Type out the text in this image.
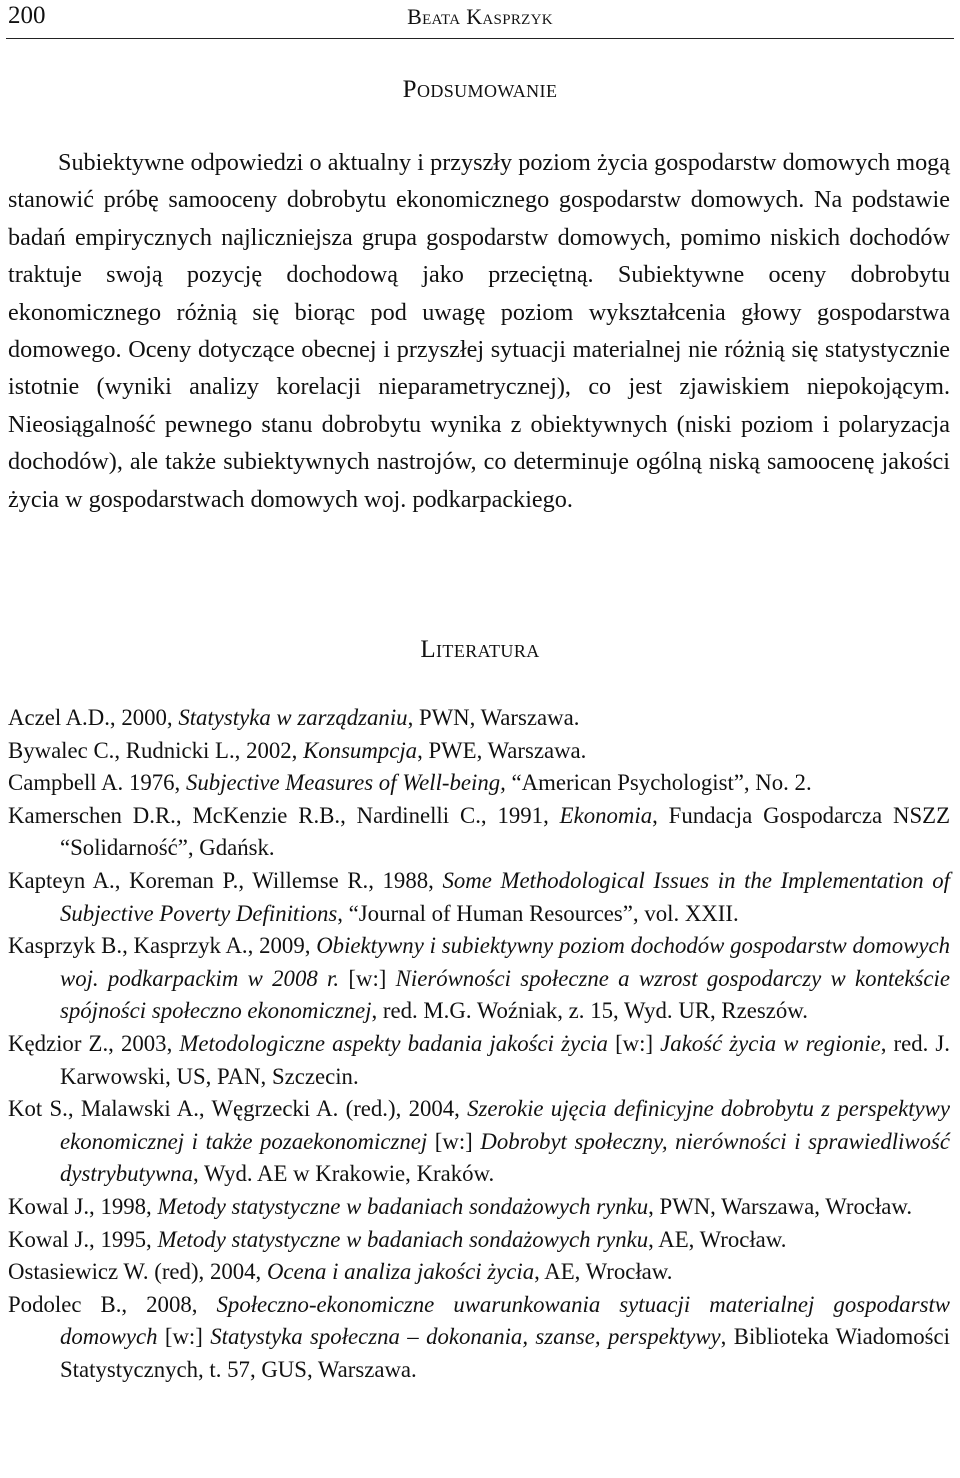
200	Beata Kasprzyk
Podsumowanie

Subiektywne odpowiedzi o aktualny i przyszły poziom życia gospodarstw domowych mogą stanowić próbę samooceny dobrobytu ekonomicznego gospodarstw domowych. Na podstawie badań empirycznych najliczniejsza grupa gospodarstw domowych, pomimo niskich dochodów traktuje swoją pozycję dochodową jako przeciętną. Subiektywne oceny dobrobytu ekonomicznego różnią się biorąc pod uwagę poziom wykształcenia głowy gospodarstwa domowego. Oceny dotyczące obecnej i przyszłej sytuacji materialnej nie różnią się statystycznie istotnie (wyniki analizy korelacji nieparametrycznej), co jest zjawiskiem niepokojącym. Nieosiągalność pewnego stanu dobrobytu wynika z obiektywnych (niski poziom i polaryzacja dochodów), ale także subiektywnych nastrojów, co determinuje ogólną niską samoocenę jakości życia w gospodarstwach domowych woj. podkarpackiego.

Literatura
Aczel A.D., 2000, Statystyka w zarządzaniu, PWN, Warszawa.
Bywalec C., Rudnicki L., 2002, Konsumpcja, PWE, Warszawa.
Campbell A. 1976, Subjective Measures of Well-being, “American Psychologist”, No. 2.
Kamerschen D.R., McKenzie R.B., Nardinelli C., 1991, Ekonomia, Fundacja Gospodarcza NSZZ “Solidarność”, Gdańsk.
Kapteyn A., Koreman P., Willemse R., 1988, Some Methodological Issues in the Implementation of Subjective Poverty Definitions, “Journal of Human Resources”, vol. XXII.
Kasprzyk B., Kasprzyk A., 2009, Obiektywny i subiektywny poziom dochodów gospodarstw domowych woj. podkarpackim w 2008 r. [w:] Nierówności społeczne a wzrost gospodarczy w kontekście spójności społeczno ekonomicznej, red. M.G. Woźniak, z. 15, Wyd. UR, Rzeszów.
Kędzior Z., 2003, Metodologiczne aspekty badania jakości życia [w:] Jakość życia w regionie, red. J. Karwowski, US, PAN, Szczecin.
Kot S., Malawski A., Węgrzecki A. (red.), 2004, Szerokie ujęcia definicyjne dobrobytu z perspektywy ekonomicznej i także pozaekonomicznej [w:] Dobrobyt społeczny, nierówności i sprawiedliwość dystrybutywna, Wyd. AE w Krakowie, Kraków.
Kowal J., 1998, Metody statystyczne w badaniach sondażowych rynku, PWN, Warszawa, Wrocław.
Kowal J., 1995, Metody statystyczne w badaniach sondażowych rynku, AE, Wrocław.
Ostasiewicz W. (red), 2004, Ocena i analiza jakości życia, AE, Wrocław.
Podolec B., 2008, Społeczno-ekonomiczne uwarunkowania sytuacji materialnej gospodarstw domowych [w:] Statystyka społeczna – dokonania, szanse, perspektywy, Biblioteka Wiadomości Statystycznych, t. 57, GUS, Warszawa.
